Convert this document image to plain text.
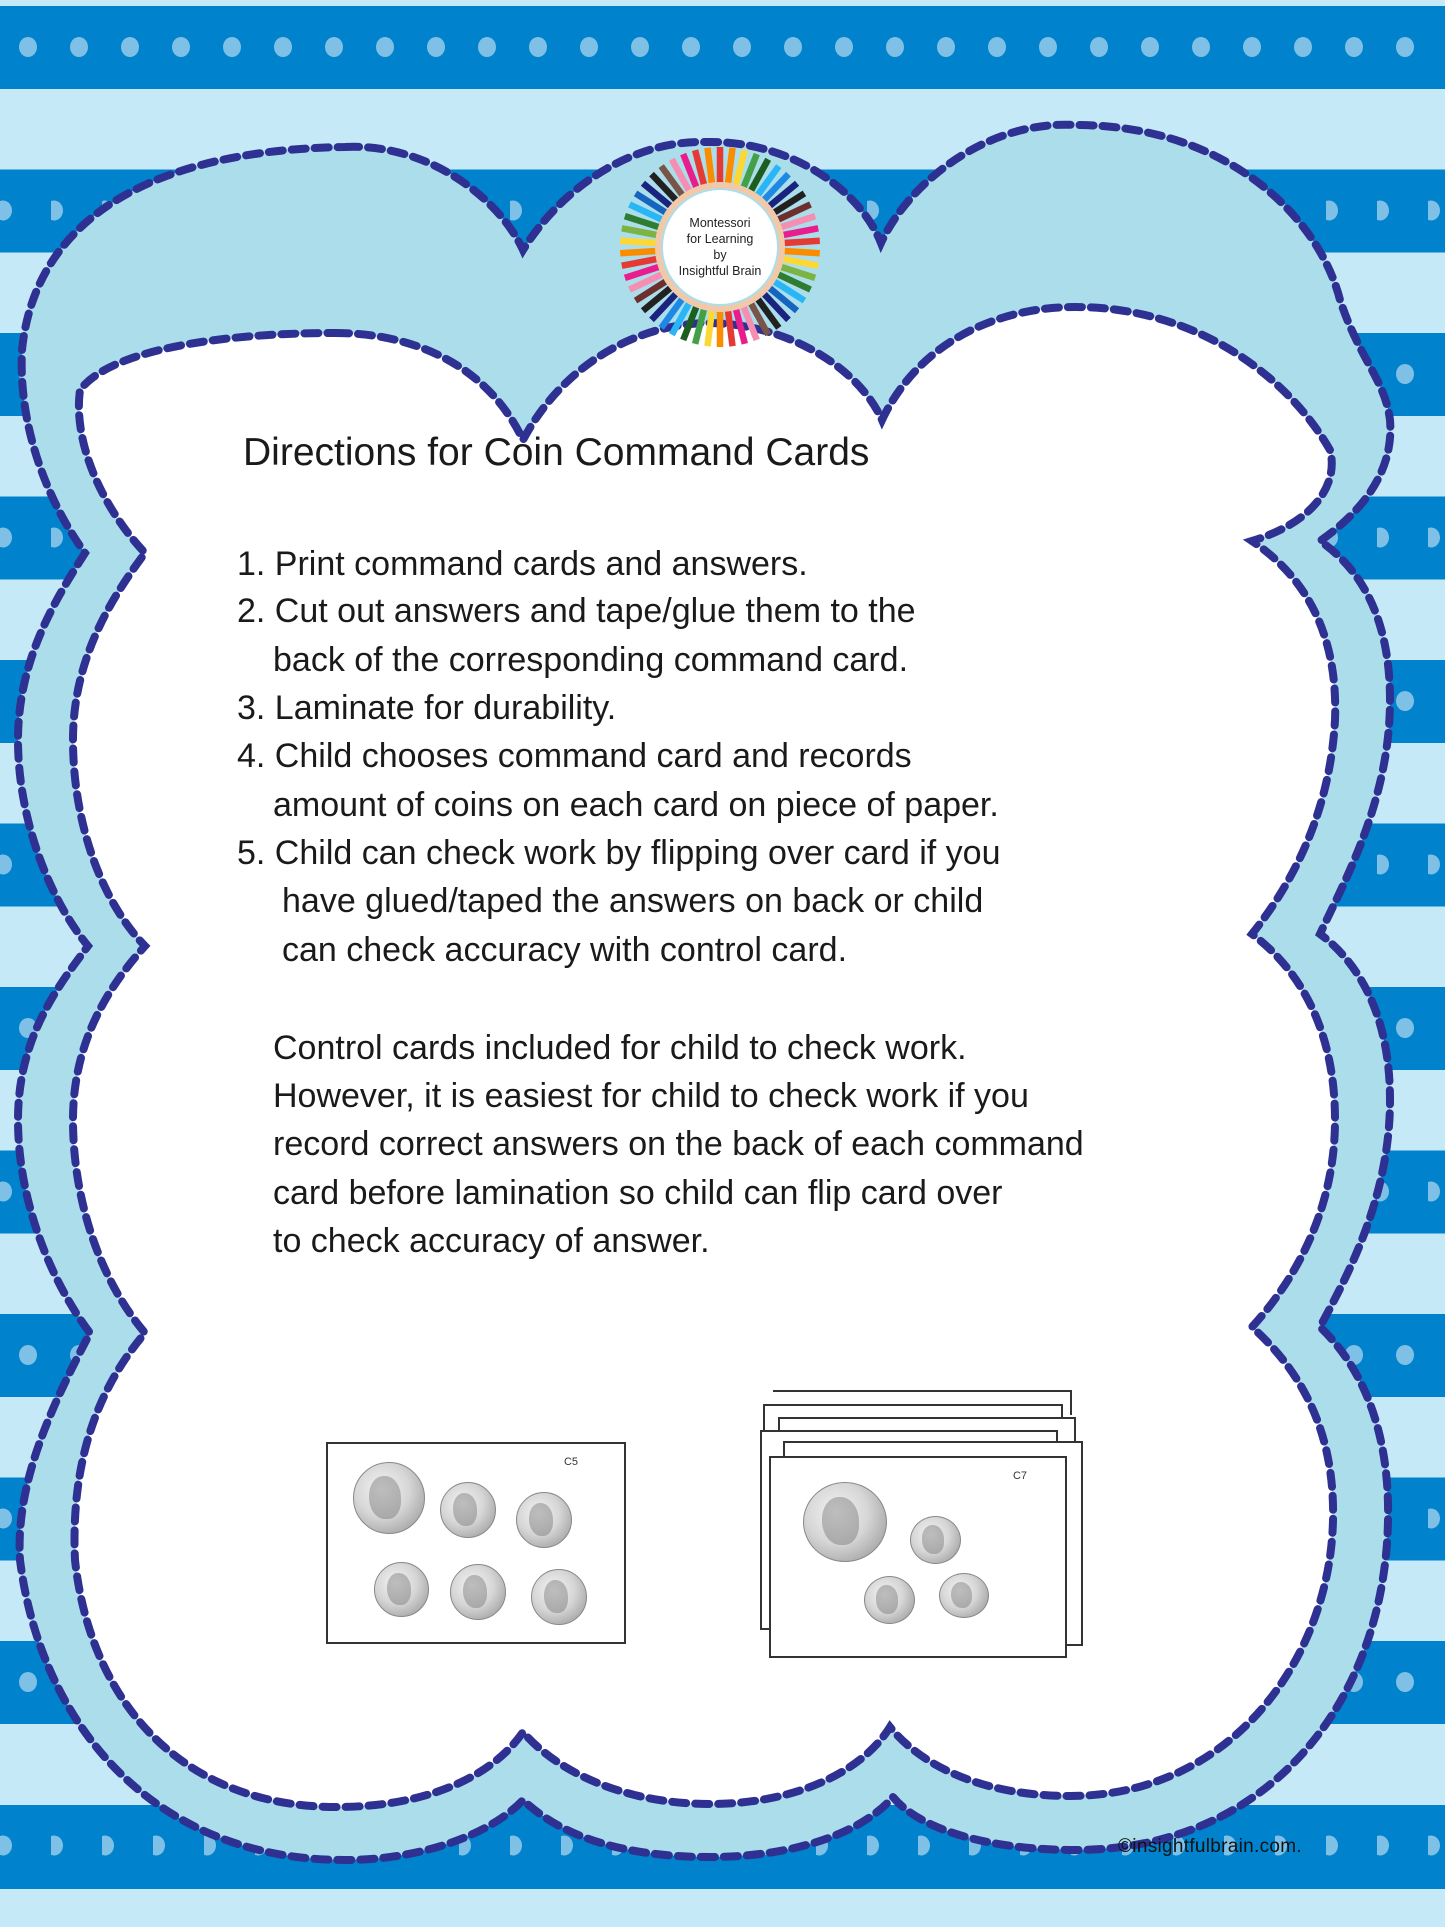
Montessori
for Learning
by
Insightful Brain
Directions for Coin Command Cards
1. Print command cards and answers.
2. Cut out answers and tape/glue them to the
back of the corresponding command card.
3. Laminate for durability.
4. Child chooses command card and records
amount of coins on each card on piece of paper.
5. Child can check work by flipping over card if you
have glued/taped the answers on back or child
can check accuracy with control card.
Control cards included for child to check work.
However, it is easiest for child to check work if you
record correct answers on the back of each command
card before lamination so child can flip card over
to check accuracy of answer.
C5
C7
©insightfulbrain.com.
